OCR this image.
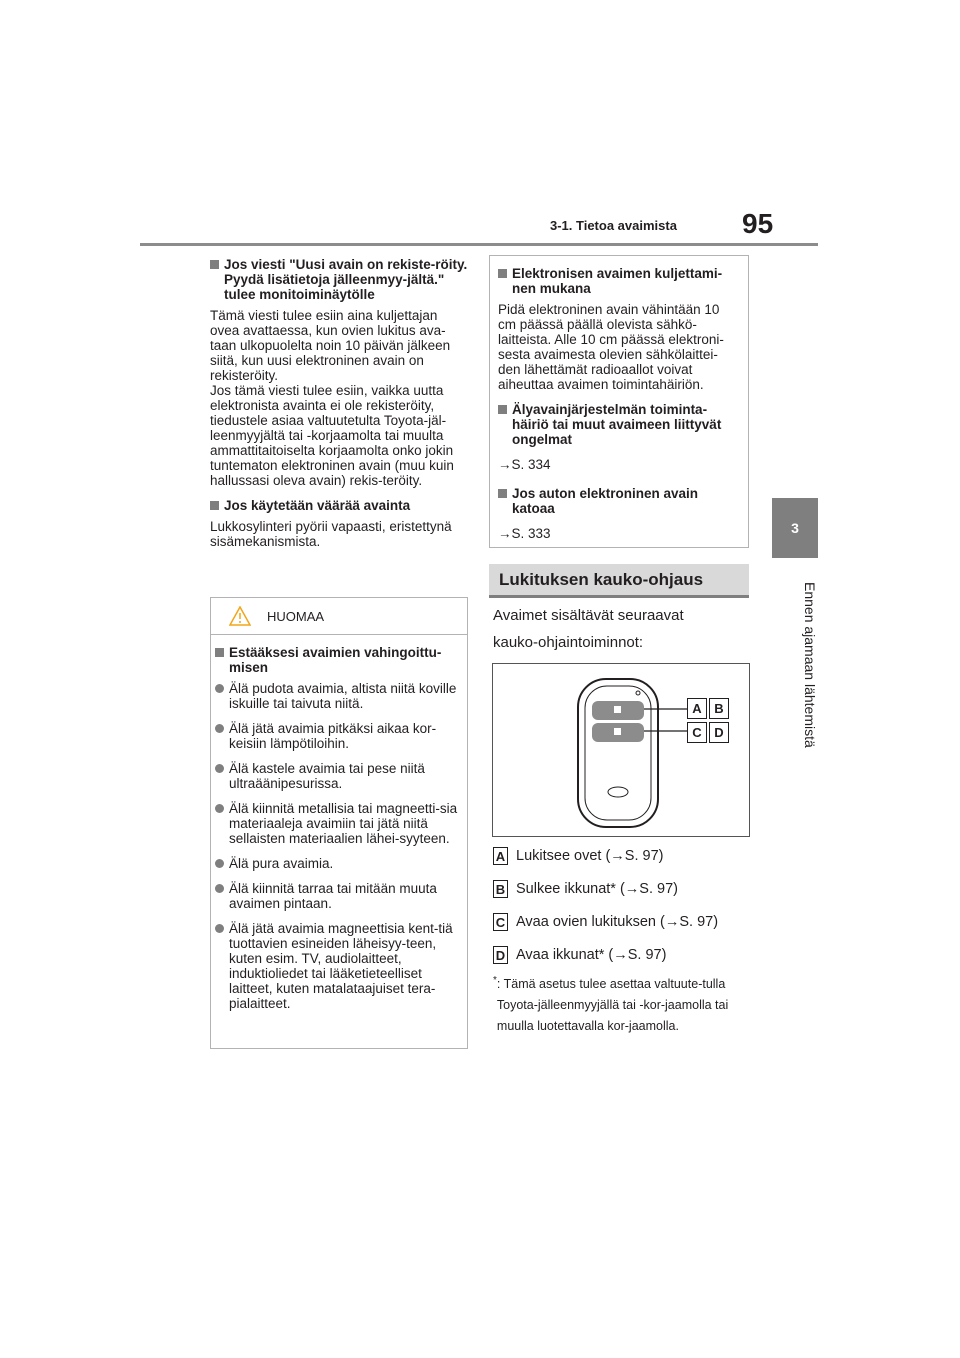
3-1. Tietoa avaimista 95
3
Ennen ajamaan lähtemistä
Jos viesti "Uusi avain on rekiste-röity. Pyydä lisätietoja jälleenmyy-jältä." tulee monitoiminäytölle

Tämä viesti tulee esiin aina kuljettajan ovea avattaessa, kun ovien lukitus ava-taan ulkopuolelta noin 10 päivän jälkeen siitä, kun uusi elektroninen avain on rekisteröity.

Jos tämä viesti tulee esiin, vaikka uutta elektronista avainta ei ole rekisteröity, tiedustele asiaa valtuutetulta Toyota-jäl-leenmyyjältä tai -korjaamolta tai muulta ammattitaitoiselta korjaamolta onko jokin tuntematon elektroninen avain (muu kuin hallussasi oleva avain) rekis-teröity.

Jos käytetään väärää avainta

Lukkosylinteri pyörii vapaasti, eristettynä sisämekanismista.

HUOMAA
Estääksesi avaimien vahingoittu-misen
Älä pudota avaimia, altista niitä koville iskuille tai taivuta niitä.
Älä jätä avaimia pitkäksi aikaa kor-keisiin lämpötiloihin.
Älä kastele avaimia tai pese niitä ultraäänipesurissa.
Älä kiinnitä metallisia tai magneetti-sia materiaaleja avaimiin tai jätä niitä sellaisten materiaalien lähei-syyteen.
Älä pura avaimia.
Älä kiinnitä tarraa tai mitään muuta avaimen pintaan.
Älä jätä avaimia magneettisia kent-tiä tuottavien esineiden läheisyy-teen, kuten esim. TV, audiolaitteet, induktioliedet tai lääketieteelliset laitteet, kuten matalataajuiset tera-pialaitteet.
Elektronisen avaimen kuljettami-nen mukana

Pidä elektroninen avain vähintään 10 cm päässä päällä olevista sähkö-laitteista. Alle 10 cm päässä elektroni-sesta avaimesta olevien sähkölaittei-den lähettämät radioaallot voivat aiheuttaa avaimen toimintahäiriön.

Älyavainjärjestelmän toiminta-häiriö tai muut avaimeen liittyvät ongelmat

→S. 334

Jos auton elektroninen avain katoaa

→S. 333

Lukituksen kauko-ohjaus
Avaimet sisältävät seuraavat
kauko-ohjaintoiminnot:
A B
C D
A Lukitsee ovet (→S. 97)
B Sulkee ikkunat* (→S. 97)
C Avaa ovien lukituksen (→S. 97)
D Avaa ikkunat* (→S. 97)
* : Tämä asetus tulee asettaa valtuute-tulla Toyota-jälleenmyyjällä tai -kor-jaamolla tai muulla luotettavalla kor-jaamolla.
